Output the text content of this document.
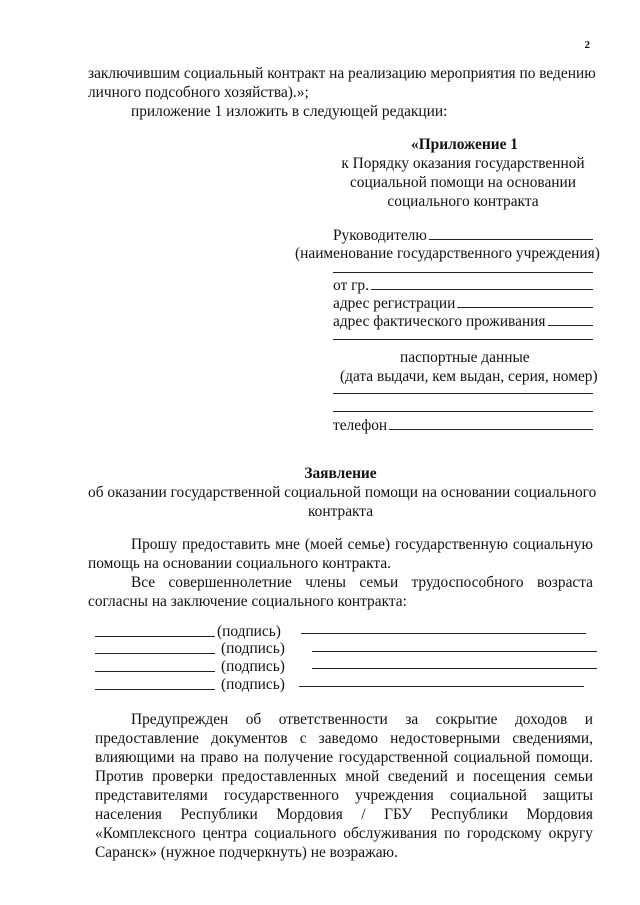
2
заключившим социальный контракт на реализацию мероприятия по ведению
личного подсобного хозяйства).»;
приложение 1 изложить в следующей редакции:
«Приложение 1
к Порядку оказания государственной
социальной помощи на основании
социального контракта
Руководителю
(наименование государственного учреждения)
от гр.
адрес регистрации
адрес фактического проживания
паспортные данные
(дата выдачи, кем выдан, серия, номер)
телефон
Заявление
об оказании государственной социальной помощи на основании социального
контракта
Прошу предоставить мне (моей семье) государственную социальную
помощь на основании социального контракта.
Все совершеннолетние члены семьи трудоспособного возраста
согласны на заключение социального контракта:
(подпись)
(подпись)
(подпись)
(подпись)
Предупрежден об ответственности за сокрытие доходов и
предоставление документов с заведомо недостоверными сведениями,
влияющими на право на получение государственной социальной помощи.
Против проверки предоставленных мной сведений и посещения семьи
представителями государственного учреждения социальной защиты
населения Республики Мордовия / ГБУ Республики Мордовия
«Комплексного центра социального обслуживания по городскому округу
Саранск» (нужное подчеркнуть) не возражаю.
